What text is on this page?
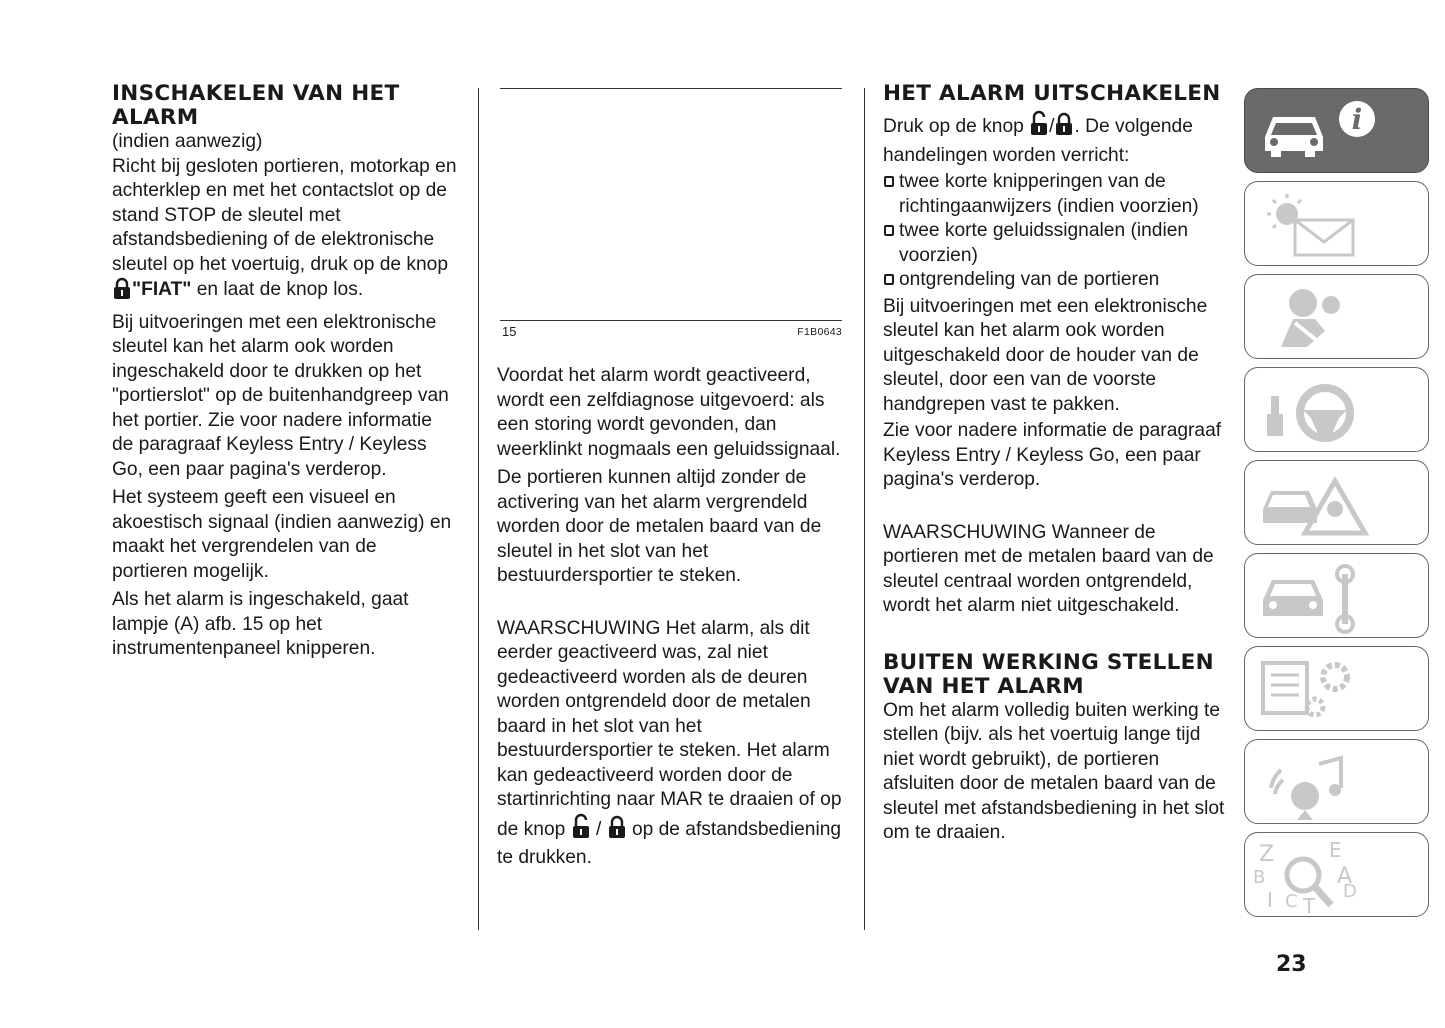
INSCHAKELEN VAN HET ALARM

(indien aanwezig)

Richt bij gesloten portieren, motorkap en achterklep en met het contactslot op de stand STOP de sleutel met afstandsbediening of de elektronische sleutel op het voertuig, druk op de knop "FIAT" en laat de knop los.

Bij uitvoeringen met een elektronische sleutel kan het alarm ook worden ingeschakeld door te drukken op het "portierslot" op de buitenhandgreep van het portier. Zie voor nadere informatie de paragraaf Keyless Entry / Keyless Go, een paar pagina's verderop.

Het systeem geeft een visueel en akoestisch signaal (indien aanwezig) en maakt het vergrendelen van de portieren mogelijk.

Als het alarm is ingeschakeld, gaat lampje (A) afb. 15 op het instrumentenpaneel knipperen.

15	F1B0643

Voordat het alarm wordt geactiveerd, wordt een zelfdiagnose uitgevoerd: als een storing wordt gevonden, dan weerklinkt nogmaals een geluidssignaal.

De portieren kunnen altijd zonder de activering van het alarm vergrendeld worden door de metalen baard van de sleutel in het slot van het bestuurdersportier te steken.

WAARSCHUWING Het alarm, als dit eerder geactiveerd was, zal niet gedeactiveerd worden als de deuren worden ontgrendeld door de metalen baard in het slot van het bestuurdersportier te steken. Het alarm kan gedeactiveerd worden door de startinrichting naar MAR te draaien of op de knop  /  op de afstandsbediening te drukken.

HET ALARM UITSCHAKELEN

Druk op de knop / . De volgende handelingen worden verricht:

twee korte knipperingen van de richtingaanwijzers (indien voorzien)

twee korte geluidssignalen (indien voorzien)

ontgrendeling van de portieren

Bij uitvoeringen met een elektronische sleutel kan het alarm ook worden uitgeschakeld door de houder van de sleutel, door een van de voorste handgrepen vast te pakken.

Zie voor nadere informatie de paragraaf Keyless Entry / Keyless Go, een paar pagina's verderop.

WAARSCHUWING Wanneer de portieren met de metalen baard van de sleutel centraal worden ontgrendeld, wordt het alarm niet uitgeschakeld.

BUITEN WERKING STELLEN VAN HET ALARM

Om het alarm volledig buiten werking te stellen (bijv. als het voertuig lange tijd niet wordt gebruikt), de portieren afsluiten door de metalen baard van de sleutel met afstandsbediening in het slot om te draaien.

i
Z	E
B	A
I C T
D
23
